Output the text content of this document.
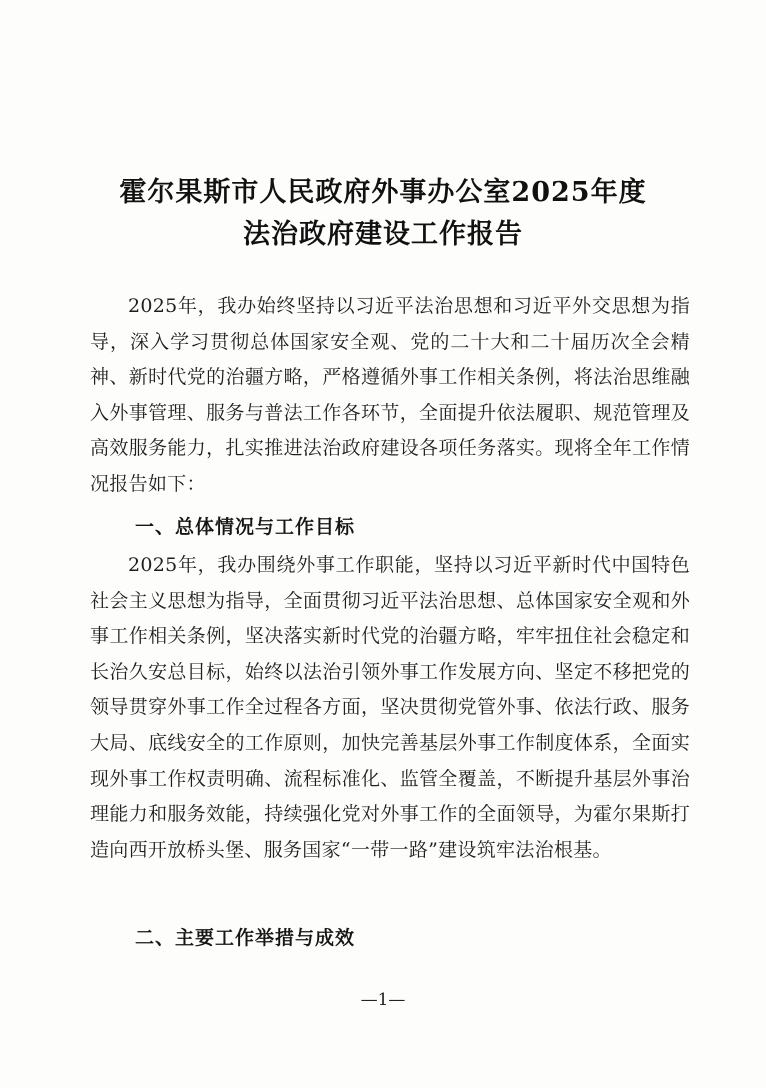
霍尔果斯市人民政府外事办公室2025年度
法治政府建设工作报告

2025年，我办始终坚持以习近平法治思想和习近平外交思想为指导，深入学习贯彻总体国家安全观、党的二十大和二十届历次全会精神、新时代党的治疆方略，严格遵循外事工作相关条例，将法治思维融入外事管理、服务与普法工作各环节，全面提升依法履职、规范管理及高效服务能力，扎实推进法治政府建设各项任务落实。现将全年工作情况报告如下：

一、总体情况与工作目标

2025年，我办围绕外事工作职能，坚持以习近平新时代中国特色社会主义思想为指导，全面贯彻习近平法治思想、总体国家安全观和外事工作相关条例，坚决落实新时代党的治疆方略，牢牢扭住社会稳定和长治久安总目标，始终以法治引领外事工作发展方向、坚定不移把党的领导贯穿外事工作全过程各方面，坚决贯彻党管外事、依法行政、服务大局、底线安全的工作原则，加快完善基层外事工作制度体系，全面实现外事工作权责明确、流程标准化、监管全覆盖，不断提升基层外事治理能力和服务效能，持续强化党对外事工作的全面领导，为霍尔果斯打造向西开放桥头堡、服务国家“一带一路”建设筑牢法治根基。

二、主要工作举措与成效
—1—
